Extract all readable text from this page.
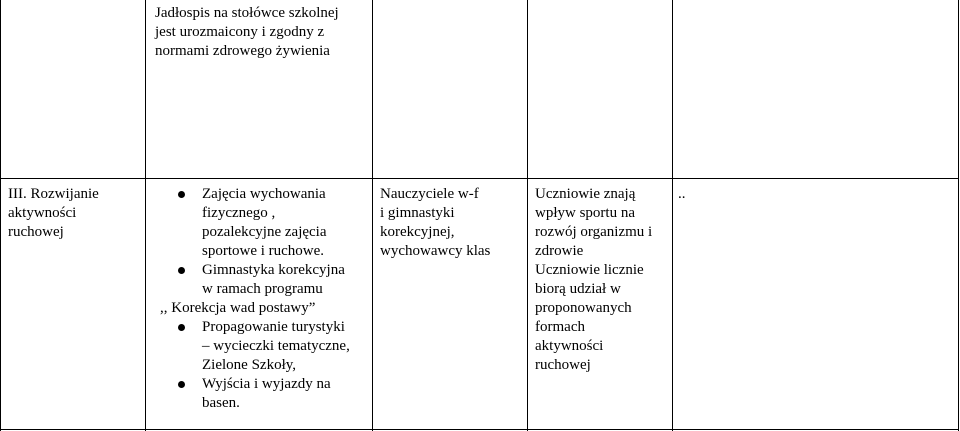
Jadłospis na stołówce szkolnej
jest urozmaicony i zgodny z
normami zdrowego żywienia
III. Rozwijanie
aktywności
ruchowej
Zajęcia wychowania
fizycznego ,
pozalekcyjne zajęcia
sportowe i ruchowe.
Gimnastyka korekcyjna
w ramach programu
,, Korekcja wad postawy”
Propagowanie turystyki
– wycieczki tematyczne,
Zielone Szkoły,
Wyjścia i wyjazdy na
basen.
Nauczyciele w-f
i gimnastyki
korekcyjnej,
wychowawcy klas
Uczniowie znają
wpływ sportu na
rozwój organizmu i
zdrowie
Uczniowie licznie
biorą udział w
proponowanych
formach
aktywności
ruchowej
..
